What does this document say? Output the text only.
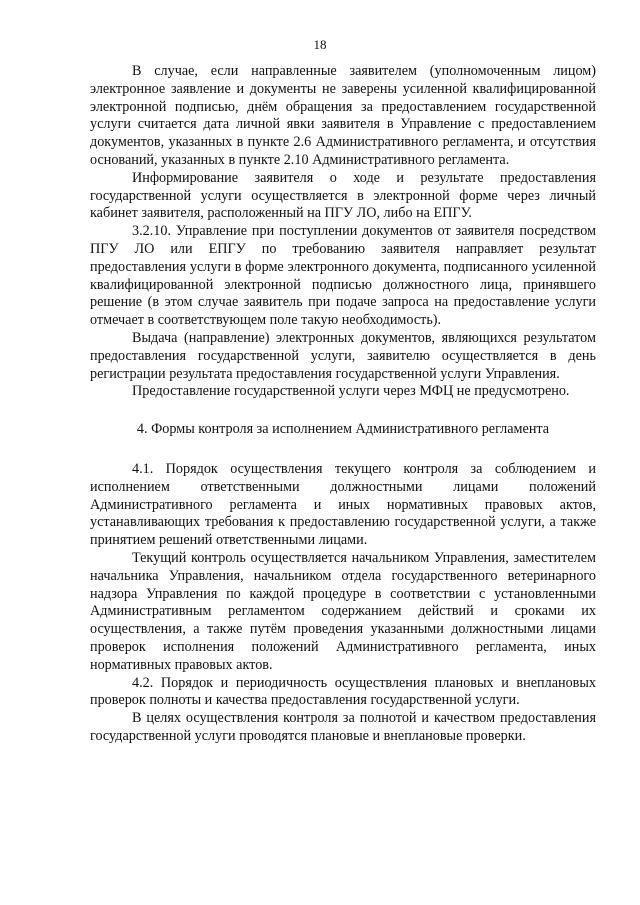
18

В случае, если направленные заявителем (уполномоченным лицом) электронное заявление и документы не заверены усиленной квалифицированной электронной подписью, днём обращения за предоставлением государственной услуги считается дата личной явки заявителя в Управление с предоставлением документов, указанных в пункте 2.6 Административного регламента, и отсутствия оснований, указанных в пункте 2.10 Административного регламента.

Информирование заявителя о ходе и результате предоставления государственной услуги осуществляется в электронной форме через личный кабинет заявителя, расположенный на ПГУ ЛО, либо на ЕПГУ.

3.2.10. Управление при поступлении документов от заявителя посредством ПГУ ЛО или ЕПГУ по требованию заявителя направляет результат предоставления услуги в форме электронного документа, подписанного усиленной квалифицированной электронной подписью должностного лица, принявшего решение (в этом случае заявитель при подаче запроса на предоставление услуги отмечает в соответствующем поле такую необходимость).

Выдача (направление) электронных документов, являющихся результатом предоставления государственной услуги, заявителю осуществляется в день регистрации результата предоставления государственной услуги Управления.

Предоставление государственной услуги через МФЦ не предусмотрено.

4. Формы контроля за исполнением Административного регламента

4.1. Порядок осуществления текущего контроля за соблюдением и исполнением ответственными должностными лицами положений Административного регламента и иных нормативных правовых актов, устанавливающих требования к предоставлению государственной услуги, а также принятием решений ответственными лицами.

Текущий контроль осуществляется начальником Управления, заместителем начальника Управления, начальником отдела государственного ветеринарного надзора Управления по каждой процедуре в соответствии с установленными Административным регламентом содержанием действий и сроками их осуществления, а также путём проведения указанными должностными лицами проверок исполнения положений Административного регламента, иных нормативных правовых актов.

4.2. Порядок и периодичность осуществления плановых и внеплановых проверок полноты и качества предоставления государственной услуги.

В целях осуществления контроля за полнотой и качеством предоставления государственной услуги проводятся плановые и внеплановые проверки.
